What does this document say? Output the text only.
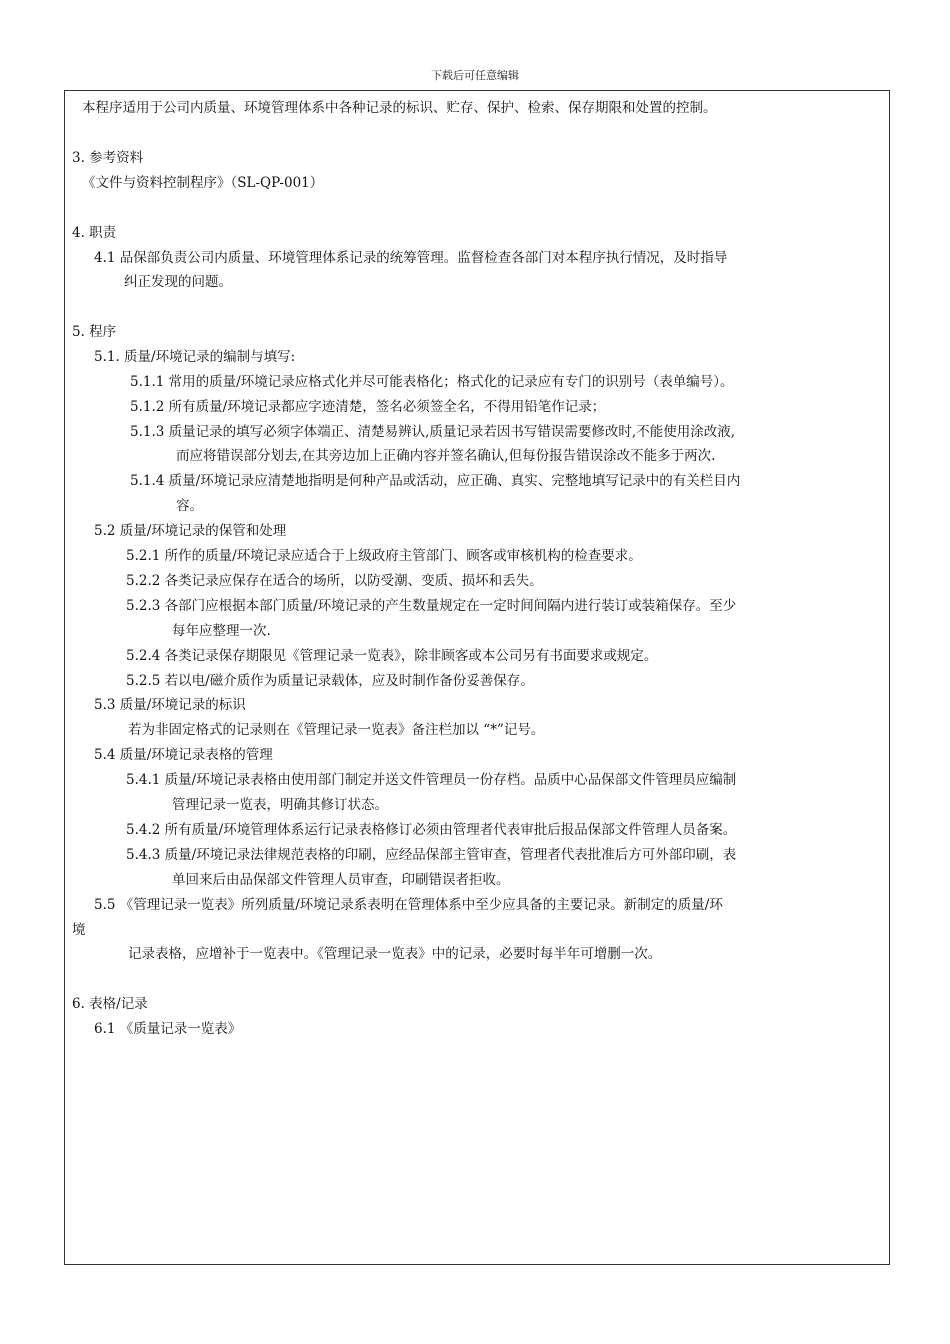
下载后可任意编辑
本程序适用于公司内质量、环境管理体系中各种记录的标识、贮存、保护、检索、保存期限和处置的控制。
3. 参考资料
《文件与资料控制程序》（SL-QP-001）
4. 职责
4.1 品保部负责公司内质量、环境管理体系记录的统筹管理。监督检查各部门对本程序执行情况，及时指导
纠正发现的问题。
5. 程序
5.1. 质量/环境记录的编制与填写:
5.1.1 常用的质量/环境记录应格式化并尽可能表格化；格式化的记录应有专门的识别号（表单编号）。
5.1.2 所有质量/环境记录都应字迹清楚，签名必须签全名，不得用铅笔作记录；
5.1.3 质量记录的填写必须字体端正、清楚易辨认,质量记录若因书写错误需要修改时,不能使用涂改液,
而应将错误部分划去,在其旁边加上正确内容并签名确认,但每份报告错误涂改不能多于两次.
5.1.4 质量/环境记录应清楚地指明是何种产品或活动，应正确、真实、完整地填写记录中的有关栏目内
容。
5.2 质量/环境记录的保管和处理
5.2.1 所作的质量/环境记录应适合于上级政府主管部门、顾客或审核机构的检查要求。
5.2.2 各类记录应保存在适合的场所，以防受潮、变质、损坏和丢失。
5.2.3 各部门应根据本部门质量/环境记录的产生数量规定在一定时间间隔内进行装订或装箱保存。至少
每年应整理一次.
5.2.4 各类记录保存期限见《管理记录一览表》，除非顾客或本公司另有书面要求或规定。
5.2.5 若以电/磁介质作为质量记录载体，应及时制作备份妥善保存。
5.3 质量/环境记录的标识
若为非固定格式的记录则在《管理记录一览表》备注栏加以 “*”记号。
5.4 质量/环境记录表格的管理
5.4.1 质量/环境记录表格由使用部门制定并送文件管理员一份存档。品质中心品保部文件管理员应编制
管理记录一览表，明确其修订状态。
5.4.2 所有质量/环境管理体系运行记录表格修订必须由管理者代表审批后报品保部文件管理人员备案。
5.4.3 质量/环境记录法律规范表格的印刷，应经品保部主管审查，管理者代表批准后方可外部印刷，表
单回来后由品保部文件管理人员审查，印刷错误者拒收。
5.5 《管理记录一览表》所列质量/环境记录系表明在管理体系中至少应具备的主要记录。新制定的质量/环
境
记录表格，应增补于一览表中。《管理记录一览表》中的记录，必要时每半年可增删一次。
6. 表格/记录
6.1 《质量记录一览表》
